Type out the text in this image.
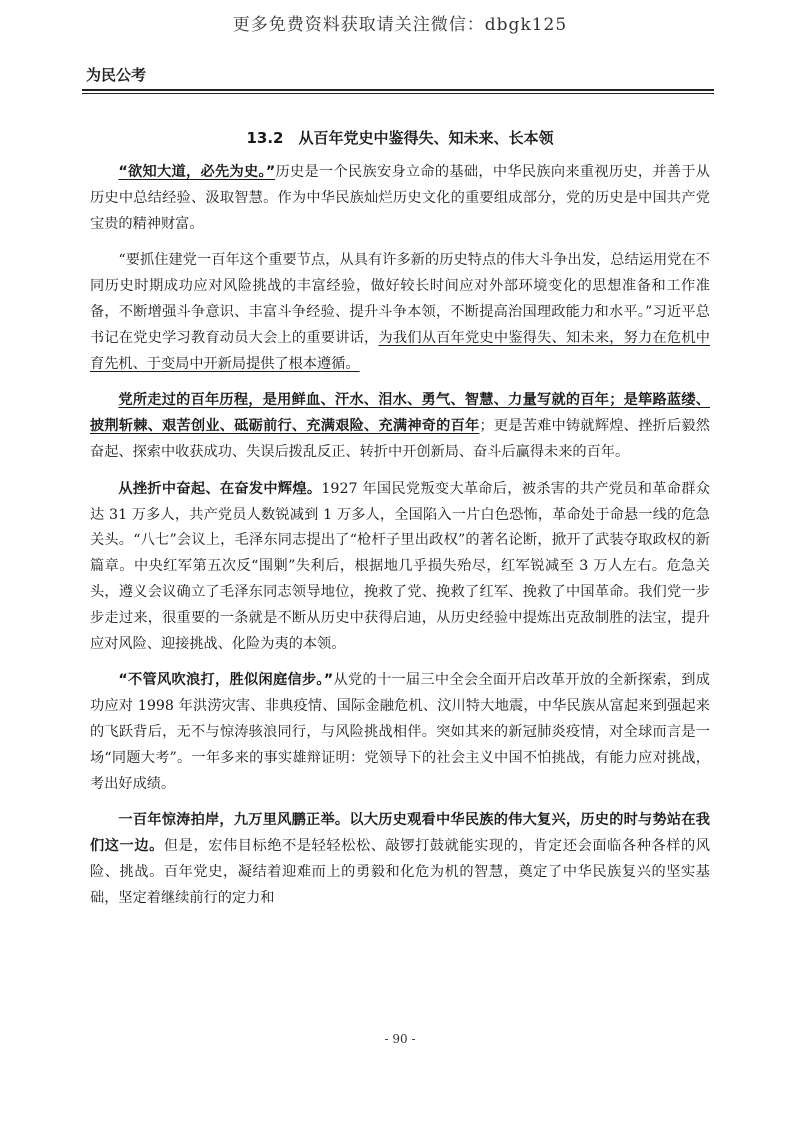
更多免费资料获取请关注微信：dbgk125
为民公考
13.2　从百年党史中鉴得失、知未来、长本领

“欲知大道，必先为史。”历史是一个民族安身立命的基础，中华民族向来重视历史，并善于从历史中总结经验、汲取智慧。作为中华民族灿烂历史文化的重要组成部分，党的历史是中国共产党宝贵的精神财富。

“要抓住建党一百年这个重要节点，从具有许多新的历史特点的伟大斗争出发，总结运用党在不同历史时期成功应对风险挑战的丰富经验，做好较长时间应对外部环境变化的思想准备和工作准备，不断增强斗争意识、丰富斗争经验、提升斗争本领，不断提高治国理政能力和水平。”习近平总书记在党史学习教育动员大会上的重要讲话，为我们从百年党史中鉴得失、知未来，努力在危机中育先机、于变局中开新局提供了根本遵循。

党所走过的百年历程，是用鲜血、汗水、泪水、勇气、智慧、力量写就的百年；是筚路蓝缕、披荆斩棘、艰苦创业、砥砺前行、充满艰险、充满神奇的百年；更是苦难中铸就辉煌、挫折后毅然奋起、探索中收获成功、失误后拨乱反正、转折中开创新局、奋斗后赢得未来的百年。

从挫折中奋起、在奋发中辉煌。1927 年国民党叛变大革命后，被杀害的共产党员和革命群众达 31 万多人，共产党员人数锐减到 1 万多人，全国陷入一片白色恐怖，革命处于命悬一线的危急关头。“八七”会议上，毛泽东同志提出了“枪杆子里出政权”的著名论断，掀开了武装夺取政权的新篇章。中央红军第五次反“围剿”失利后，根据地几乎损失殆尽，红军锐减至 3 万人左右。危急关头，遵义会议确立了毛泽东同志领导地位，挽救了党、挽救了红军、挽救了中国革命。我们党一步步走过来，很重要的一条就是不断从历史中获得启迪，从历史经验中提炼出克敌制胜的法宝，提升应对风险、迎接挑战、化险为夷的本领。

“不管风吹浪打，胜似闲庭信步。”从党的十一届三中全会全面开启改革开放的全新探索，到成功应对 1998 年洪涝灾害、非典疫情、国际金融危机、汶川特大地震，中华民族从富起来到强起来的飞跃背后，无不与惊涛骇浪同行，与风险挑战相伴。突如其来的新冠肺炎疫情，对全球而言是一场“同题大考”。一年多来的事实雄辩证明：党领导下的社会主义中国不怕挑战，有能力应对挑战，考出好成绩。

一百年惊涛拍岸，九万里风鹏正举。以大历史观看中华民族的伟大复兴，历史的时与势站在我们这一边。但是，宏伟目标绝不是轻轻松松、敲锣打鼓就能实现的，肯定还会面临各种各样的风险、挑战。百年党史，凝结着迎难而上的勇毅和化危为机的智慧，奠定了中华民族复兴的坚实基础，坚定着继续前行的定力和

- 90 -
